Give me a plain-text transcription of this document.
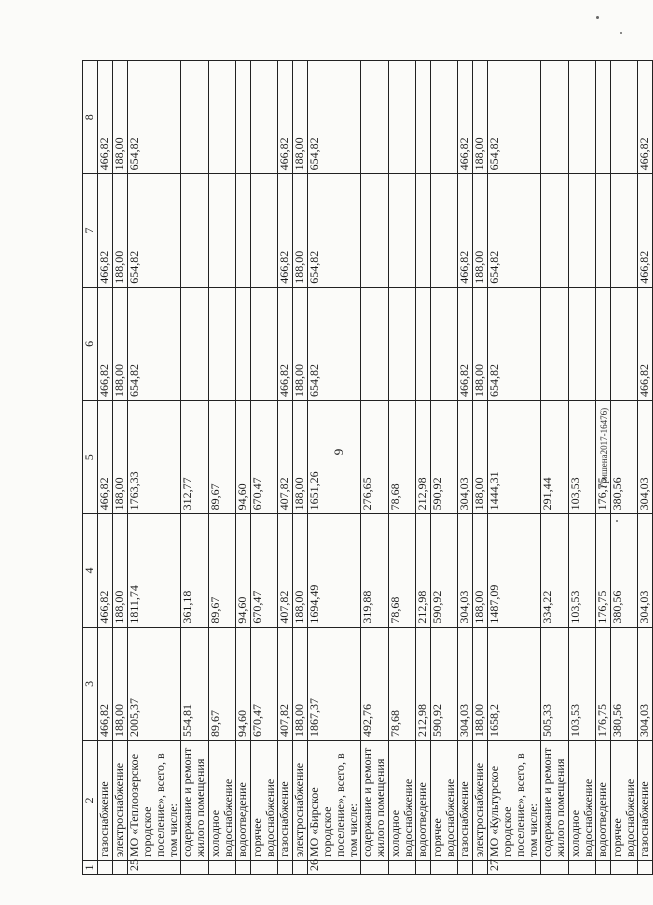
9	Гришена2017-16476)
1	2	3	4	5	6	7	8
	газоснабжение	466,82	466,82	466,82	466,82	466,82	466,82
	электроснабжение	188,00	188,00	188,00	188,00	188,00	188,00
25	МО «Теплоозерское городское поселение», всего, в том числе:	2005,37	1811,74	1763,33	654,82	654,82	654,82
	содержание и ремонт жилого помещения	554,81	361,18	312,77			
	холодное водоснабжение	89,67	89,67	89,67			
	водоотведение	94,60	94,60	94,60			
	горячее водоснабжение	670,47	670,47	670,47			
	газоснабжение	407,82	407,82	407,82	466,82	466,82	466,82
	электроснабжение	188,00	188,00	188,00	188,00	188,00	188,00
26	МО «Бирское городское поселение», всего, в том числе:	1867,37	1694,49	1651,26	654,82	654,82	654,82
	содержание и ремонт жилого помещения	492,76	319,88	276,65			
	холодное водоснабжение	78,68	78,68	78,68			
	водоотведение	212,98	212,98	212,98			
	горячее водоснабжение	590,92	590,92	590,92			
	газоснабжение	304,03	304,03	304,03	466,82	466,82	466,82
	электроснабжение	188,00	188,00	188,00	188,00	188,00	188,00
27	МО «Культурское городское поселение», всего, в том числе:	1658,2	1487,09	1444,31	654,82	654,82	654,82
	содержание и ремонт жилого помещения	505,33	334,22	291,44			
	холодное водоснабжение	103,53	103,53	103,53			
	водоотведение	176,75	176,75	176,75			
	горячее водоснабжение	380,56	380,56	380,56			
	газоснабжение	304,03	304,03	304,03	466,82	466,82	466,82
